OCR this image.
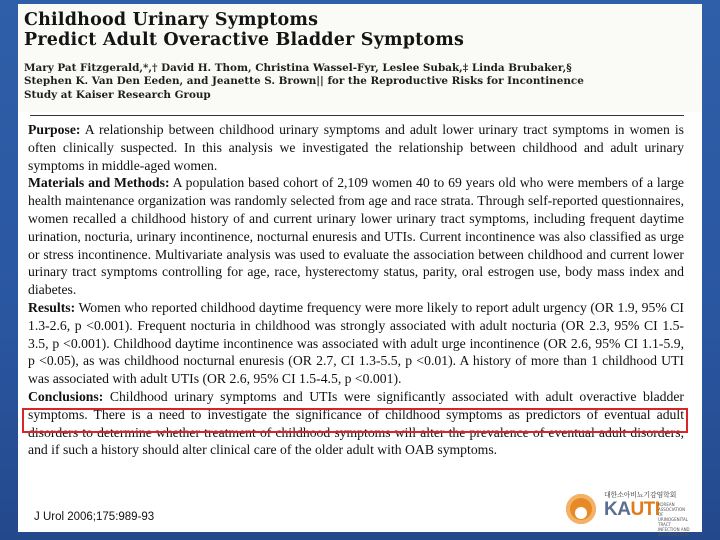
Childhood Urinary Symptoms
Predict Adult Overactive Bladder Symptoms

Mary Pat Fitzgerald,*,† David H. Thom, Christina Wassel-Fyr, Leslee Subak,‡ Linda Brubaker,§
Stephen K. Van Den Eeden, and Jeanette S. Brown|| for the Reproductive Risks for Incontinence
Study at Kaiser Research Group

Purpose: A relationship between childhood urinary symptoms and adult lower urinary tract symptoms in women is often clinically suspected. In this analysis we investigated the relationship between childhood and adult urinary symptoms in middle-aged women.

Materials and Methods: A population based cohort of 2,109 women 40 to 69 years old who were members of a large health maintenance organization was randomly selected from age and race strata. Through self-reported questionnaires, women recalled a childhood history of and current urinary lower urinary tract symptoms, including frequent daytime urination, nocturia, urinary incontinence, nocturnal enuresis and UTIs. Current incontinence was also classified as urge or stress incontinence. Multivariate analysis was used to evaluate the association between childhood and current lower urinary tract symptoms controlling for age, race, hysterectomy status, parity, oral estrogen use, body mass index and diabetes.

Results: Women who reported childhood daytime frequency were more likely to report adult urgency (OR 1.9, 95% CI 1.3-2.6, p <0.001). Frequent nocturia in childhood was strongly associated with adult nocturia (OR 2.3, 95% CI 1.5-3.5, p <0.001). Childhood daytime incontinence was associated with adult urge incontinence (OR 2.6, 95% CI 1.1-5.9, p <0.05), as was childhood nocturnal enuresis (OR 2.7, CI 1.3-5.5, p <0.01). A history of more than 1 childhood UTI was associated with adult UTIs (OR 2.6, 95% CI 1.5-4.5, p <0.001).

Conclusions: Childhood urinary symptoms and UTIs were significantly associated with adult overactive bladder symptoms. There is a need to investigate the significance of childhood symptoms as predictors of eventual adult disorders to determine whether treatment of childhood symptoms will alter the prevalence of eventual adult disorders, and if such a history should alter clinical care of the older adult with OAB symptoms.

J Urol 2006;175:989-93
대한소아비뇨기감염학회
KAUTI
KOREAN ASSOCIATION OF URINOGENITAL TRACT INFECTION AND INFLAMMATION
